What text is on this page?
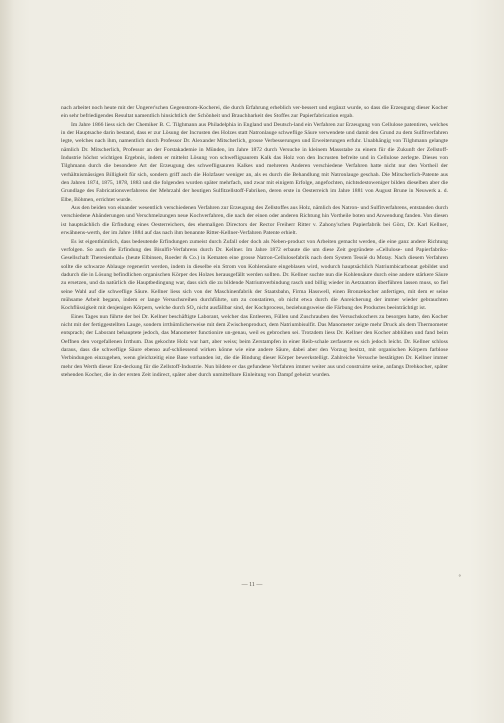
nach arbeitet noch heute mit der Ungerer'schen Gegenstrom-Kocherei, die durch Erfahrung erheblich ver-bessert und ergänzt wurde, so dass die Erzeugung dieser Kocher ein sehr befriedigendes Resultat namentlich hinsichtlich der Schönheit und Brauchbarkeit des Stoffes zur Papierfabrication ergab.

Im Jahre 1866 liess sich der Chemiker B. C. Tilghmann aus Philadelphia in England und Deutsch-land ein Verfahren zur Erzeugung von Cellulose patentiren, welches in der Hauptsache darin bestand, dass er zur Lösung der Incrusten des Holzes statt Natronlauge schweflige Säure verwendete und damit den Grund zu dem Sulfitverfahren legte, welches nach ihm, namentlich durch Professor Dr. Alexander Mitscherlich, grosse Verbesserungen und Erweiterungen erfuhr. Unabhängig von Tilghmann gelangte nämlich Dr. Mitscherlich, Professor an der Forstakademie in Münden, im Jahre 1872 durch Versuche in kleinem Massstabe zu einem für die Zukunft der Zellstoff-Industrie höchst wichtigen Ergebnis, indem er mittelst Lösung von schwefligsaurem Kalk das Holz von den Incrusten befreite und in Cellulose zerlegte. Dieses von Tilghmann durch die besondere Art der Erzeugung des schwefligsauren Kalkes und mehreren Anderen verschiedene Verfahren hatte nicht nur den Vortheil der verhältnismässigen Billigkeit für sich, sondern griff auch die Holzfaser weniger an, als es durch die Behandlung mit Natronlauge geschah. Die Mitscherlich-Patente aus den Jahren 1874, 1875, 1878, 1883 und die folgenden wurden später mehrfach, und zwar mit einigem Erfolge, angefochten, nichtsdestoweniger bilden dieselben aber die Grundlage des Fabricationsverfahrens der Mehrzahl der heutigen Sulfitzellstoff-Fabriken, deren erste in Oesterreich im Jahre 1881 von August Brune in Neuwerk a. d. Elbe, Böhmen, errichtet wurde.

Aus den beiden von einander wesentlich verschiedenen Verfahren zur Erzeugung des Zellstoffes aus Holz, nämlich des Natron- und Sulfitverfahrens, entstanden durch verschiedene Abänderungen und Verschmelzungen neue Kochverfahren, die nach der einen oder anderen Richtung hin Vortheile boten und Anwendung fanden. Von diesen ist hauptsächlich die Erfindung eines Oesterreichers, des ehemaligen Directors der Rector Freiherr Ritter v. Zahony'schen Papierfabrik bei Görz, Dr. Karl Kellner, erwähnens-werth, der im Jahre 1884 auf das nach ihm benannte Ritter-Kellner-Verfahren Patente erhielt.

Es ist eigenthümlich, dass bedeutende Erfindungen zumeist durch Zufall oder doch als Neben-product von Arbeiten gemacht werden, die eine ganz andere Richtung verfolgen. So auch die Erfindung des Bisulfit-Verfahrens durch Dr. Kellner. Im Jahre 1872 erbaute die um diese Zeit gegründete «Cellulose- und Papierfabriks-Gesellschaft Theresienthal» (heute Elbinsen, Roeder & Co.) in Kematen eine grosse Natron-Cellulosefabrik nach dem System Tessié du Motay. Nach diesem Verfahren sollte die schwarze Ablauge regenerirt werden, indem in dieselbe ein Strom von Kohlensäure eingeblasen wird, wodurch hauptsächlich Natriumbicarbonat gebildet und dadurch die in Lösung befindlichen organischen Körper des Holzes herausgefällt werden sollten. Dr. Kellner suchte nun die Kohlensäure durch eine andere stärkere Säure zu ersetzen, und da natürlich die Hauptbedingung war, dass sich die zu bildende Natriumverbindung rasch und billig wieder in Aetznatron überführen lassen muss, so fiel seine Wahl auf die schweflige Säure. Kellner liess sich von der Maschinenfabrik der Staatsbahn, Firma Hasswell, einen Bronzekocher anfertigen, mit dem er seine mühsame Arbeit begann, indem er lange Versuchsreihen durchführte, um zu constatiren, ob nicht etwa durch die Anreicherung der immer wieder gebrauchten Kochflüssigkeit mit denjenigen Körpern, welche durch SO₂ nicht ausfällbar sind, der Kochprocess, beziehungsweise die Färbung des Productes beeinträchtigt ist.

Eines Tages nun führte der bei Dr. Kellner beschäftigte Laborant, welcher das Entleeren, Füllen und Zuschrauben des Versuchskochers zu besorgen hatte, den Kocher nicht mit der fertiggestellten Lauge, sondern irrthümlicherweise mit dem Zwischenproduct, dem Natriumbisulfit. Das Manometer zeigte mehr Druck als dem Thermometer entsprach; der Laborant behauptete jedoch, das Manometer functionire un-genau, weil es gebrochen sei. Trotzdem liess Dr. Kellner den Kocher abblühen und fand beim Oeffnen den vorgefallenen Irrthum. Das gekochte Holz war hart, aber weiss; beim Zerstampfen in einer Reib-schale zerfaserte es sich jedoch leicht. Dr. Kellner schloss daraus, dass die schweflige Säure ebenso auf-schliessend wirken könne wie eine andere Säure, dabei aber den Vorzug besitzt, mit organischen Körpern farblose Verbindungen einzugehen, wenn gleichzeitig eine Base vorhanden ist, die die Bindung dieser Körper bewerkstelligt. Zahlreiche Versuche bestätigten Dr. Kellner immer mehr den Werth dieser Ent-deckung für die Zellstoff-Industrie. Nun bildete er das gefundene Verfahren immer weiter aus und construirte seine, anfangs Drehkocher, später stehenden Kocher, die in der ersten Zeit indirect, später aber durch unmittelbare Einleitung von Dampf geheizt wurden.

— 11 —
˚
